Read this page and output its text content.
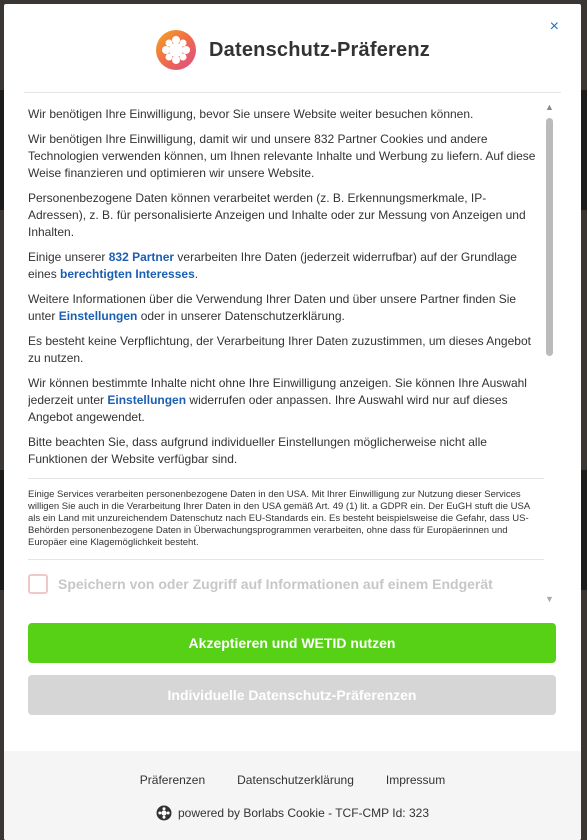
×
Datenschutz-Präferenz

Wir benötigen Ihre Einwilligung, bevor Sie unsere Website weiter besuchen können.

Wir benötigen Ihre Einwilligung, damit wir und unsere 832 Partner Cookies und andere Technologien verwenden können, um Ihnen relevante Inhalte und Werbung zu liefern. Auf diese Weise finanzieren und optimieren wir unsere Website.

Personenbezogene Daten können verarbeitet werden (z. B. Erkennungsmerkmale, IP-Adressen), z. B. für personalisierte Anzeigen und Inhalte oder zur Messung von Anzeigen und Inhalten.

Einige unserer 832 Partner verarbeiten Ihre Daten (jederzeit widerrufbar) auf der Grundlage eines berechtigten Interesses.

Weitere Informationen über die Verwendung Ihrer Daten und über unsere Partner finden Sie unter Einstellungen oder in unserer Datenschutzerklärung.

Es besteht keine Verpflichtung, der Verarbeitung Ihrer Daten zuzustimmen, um dieses Angebot zu nutzen.

Wir können bestimmte Inhalte nicht ohne Ihre Einwilligung anzeigen. Sie können Ihre Auswahl jederzeit unter Einstellungen widerrufen oder anpassen. Ihre Auswahl wird nur auf dieses Angebot angewendet.

Bitte beachten Sie, dass aufgrund individueller Einstellungen möglicherweise nicht alle Funktionen der Website verfügbar sind.

Einige Services verarbeiten personenbezogene Daten in den USA. Mit Ihrer Einwilligung zur Nutzung dieser Services willigen Sie auch in die Verarbeitung Ihrer Daten in den USA gemäß Art. 49 (1) lit. a GDPR ein. Der EuGH stuft die USA als ein Land mit unzureichendem Datenschutz nach EU-Standards ein. Es besteht beispielsweise die Gefahr, dass US-Behörden personenbezogene Daten in Überwachungsprogrammen verarbeiten, ohne dass für Europäerinnen und Europäer eine Klagemöglichkeit besteht.
Speichern von oder Zugriff auf Informationen auf einem Endgerät
▲
▼
Akzeptieren und WETID nutzen
Individuelle Datenschutz-Präferenzen
Präferenzen	Datenschutzerklärung	Impressum
powered by Borlabs Cookie - TCF-CMP Id: 323
